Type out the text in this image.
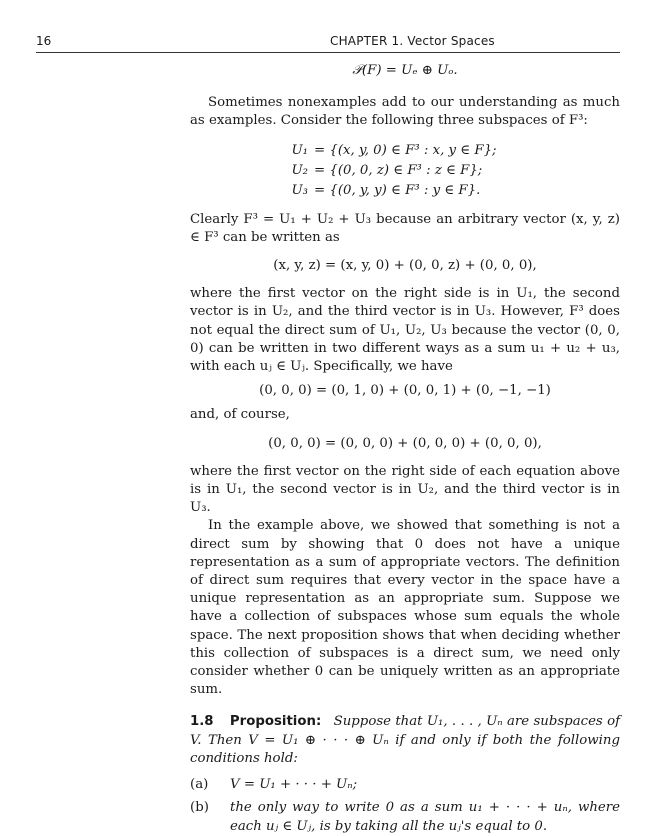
16	CHAPTER 1. Vector Spaces

𝒫(F) = Uₑ ⊕ Uₒ.

Sometimes nonexamples add to our understanding as much as examples. Consider the following three subspaces of F³:

U₁ = {(x, y, 0) ∈ F³ : x, y ∈ F};
U₂ = {(0, 0, z) ∈ F³ : z ∈ F};
U₃ = {(0, y, y) ∈ F³ : y ∈ F}.

Clearly F³ = U₁ + U₂ + U₃ because an arbitrary vector (x, y, z) ∈ F³ can be written as

(x, y, z) = (x, y, 0) + (0, 0, z) + (0, 0, 0),

where the first vector on the right side is in U₁, the second vector is in U₂, and the third vector is in U₃. However, F³ does not equal the direct sum of U₁, U₂, U₃ because the vector (0, 0, 0) can be written in two different ways as a sum u₁ + u₂ + u₃, with each uⱼ ∈ Uⱼ. Specifically, we have

(0, 0, 0) = (0, 1, 0) + (0, 0, 1) + (0, −1, −1)

and, of course,

(0, 0, 0) = (0, 0, 0) + (0, 0, 0) + (0, 0, 0),

where the first vector on the right side of each equation above is in U₁, the second vector is in U₂, and the third vector is in U₃.

In the example above, we showed that something is not a direct sum by showing that 0 does not have a unique representation as a sum of appropriate vectors. The definition of direct sum requires that every vector in the space have a unique representation as an appropriate sum. Suppose we have a collection of subspaces whose sum equals the whole space. The next proposition shows that when deciding whether this collection of subspaces is a direct sum, we need only consider whether 0 can be uniquely written as an appropriate sum.

1.8 Proposition: Suppose that U₁, . . . , Uₙ are subspaces of V. Then V = U₁ ⊕ · · · ⊕ Uₙ if and only if both the following conditions hold:

(a)	V = U₁ + · · · + Uₙ;
(b)	the only way to write 0 as a sum u₁ + · · · + uₙ, where each uⱼ ∈ Uⱼ, is by taking all the uⱼ's equal to 0.
